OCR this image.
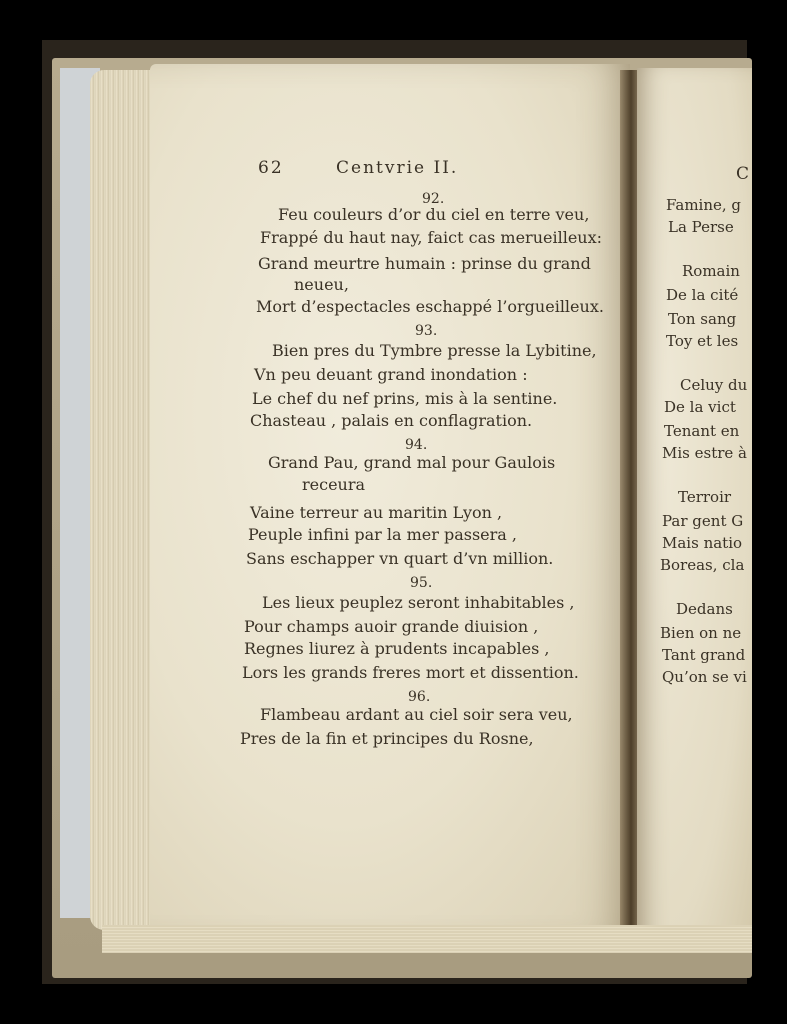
62	Centvrie II.
92.
Feu couleurs d’or du ciel en terre veu,
Frappé du haut nay, faict cas merueilleux:
Grand meurtre humain : prinse du grand
neueu,
Mort d’espectacles eschappé l’orgueilleux.
93.
Bien pres du Tymbre presse la Lybitine,
Vn peu deuant grand inondation :
Le chef du nef prins, mis à la sentine.
Chasteau , palais en conflagration.
94.
Grand Pau, grand mal pour Gaulois
receura
Vaine terreur au maritin Lyon ,
Peuple infini par la mer passera ,
Sans eschapper vn quart d’vn million.
95.
Les lieux peuplez seront inhabitables ,
Pour champs auoir grande diuision ,
Regnes liurez à prudents incapables ,
Lors les grands freres mort et dissention.
96.
Flambeau ardant au ciel soir sera veu,
Pres de la fin et principes du Rosne,
C
Famine, g
La Perse
Romain
De la cité
Ton sang
Toy et les
Celuy du
De la vict
Tenant en
Mis estre à
Terroir
Par gent G
Mais natio
Boreas, cla
Dedans
Bien on ne
Tant grand
Qu’on se vi
